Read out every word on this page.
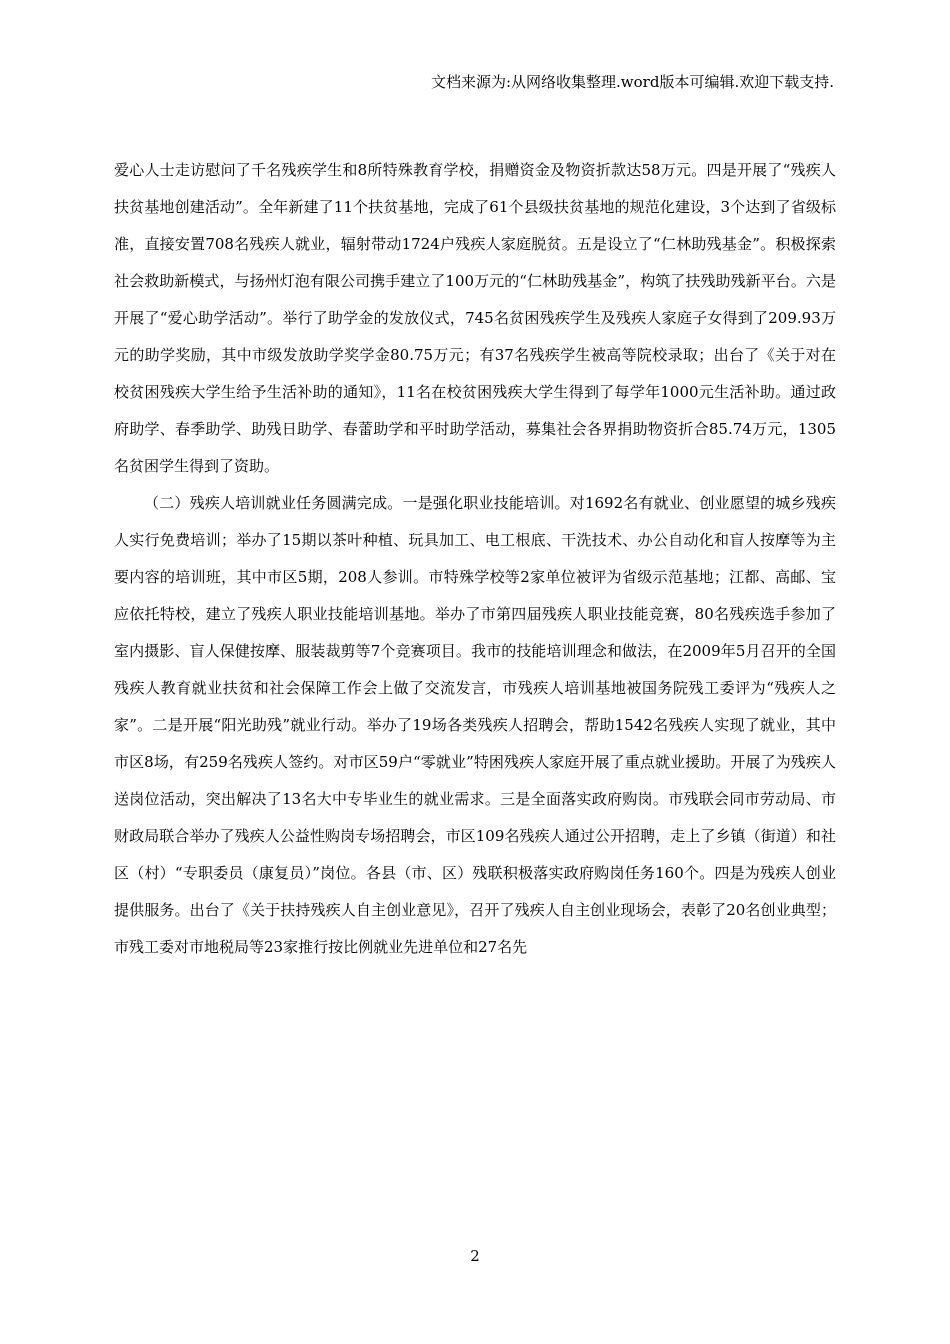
文档来源为:从网络收集整理.word版本可编辑.欢迎下载支持.

爱心人士走访慰问了千名残疾学生和8所特殊教育学校，捐赠资金及物资折款达58万元。四是开展了“残疾人扶贫基地创建活动”。全年新建了11个扶贫基地，完成了61个县级扶贫基地的规范化建设，3个达到了省级标准，直接安置708名残疾人就业，辐射带动1724户残疾人家庭脱贫。五是设立了“仁林助残基金”。积极探索社会救助新模式，与扬州灯泡有限公司携手建立了100万元的“仁林助残基金”，构筑了扶残助残新平台。六是开展了“爱心助学活动”。举行了助学金的发放仪式，745名贫困残疾学生及残疾人家庭子女得到了209.93万元的助学奖励，其中市级发放助学奖学金80.75万元；有37名残疾学生被高等院校录取；出台了《关于对在校贫困残疾大学生给予生活补助的通知》，11名在校贫困残疾大学生得到了每学年1000元生活补助。通过政府助学、春季助学、助残日助学、春蕾助学和平时助学活动，募集社会各界捐助物资折合85.74万元，1305名贫困学生得到了资助。

（二）残疾人培训就业任务圆满完成。一是强化职业技能培训。对1692名有就业、创业愿望的城乡残疾人实行免费培训；举办了15期以茶叶种植、玩具加工、电工根底、干洗技术、办公自动化和盲人按摩等为主要内容的培训班，其中市区5期，208人参训。市特殊学校等2家单位被评为省级示范基地；江都、高邮、宝应依托特校，建立了残疾人职业技能培训基地。举办了市第四届残疾人职业技能竞赛，80名残疾选手参加了室内摄影、盲人保健按摩、服装裁剪等7个竞赛项目。我市的技能培训理念和做法，在2009年5月召开的全国残疾人教育就业扶贫和社会保障工作会上做了交流发言，市残疾人培训基地被国务院残工委评为“残疾人之家”。二是开展“阳光助残”就业行动。举办了19场各类残疾人招聘会，帮助1542名残疾人实现了就业，其中市区8场，有259名残疾人签约。对市区59户“零就业”特困残疾人家庭开展了重点就业援助。开展了为残疾人送岗位活动，突出解决了13名大中专毕业生的就业需求。三是全面落实政府购岗。市残联会同市劳动局、市财政局联合举办了残疾人公益性购岗专场招聘会，市区109名残疾人通过公开招聘，走上了乡镇（街道）和社区（村）“专职委员（康复员）”岗位。各县（市、区）残联积极落实政府购岗任务160个。四是为残疾人创业提供服务。出台了《关于扶持残疾人自主创业意见》，召开了残疾人自主创业现场会，表彰了20名创业典型；市残工委对市地税局等23家推行按比例就业先进单位和27名先

2
